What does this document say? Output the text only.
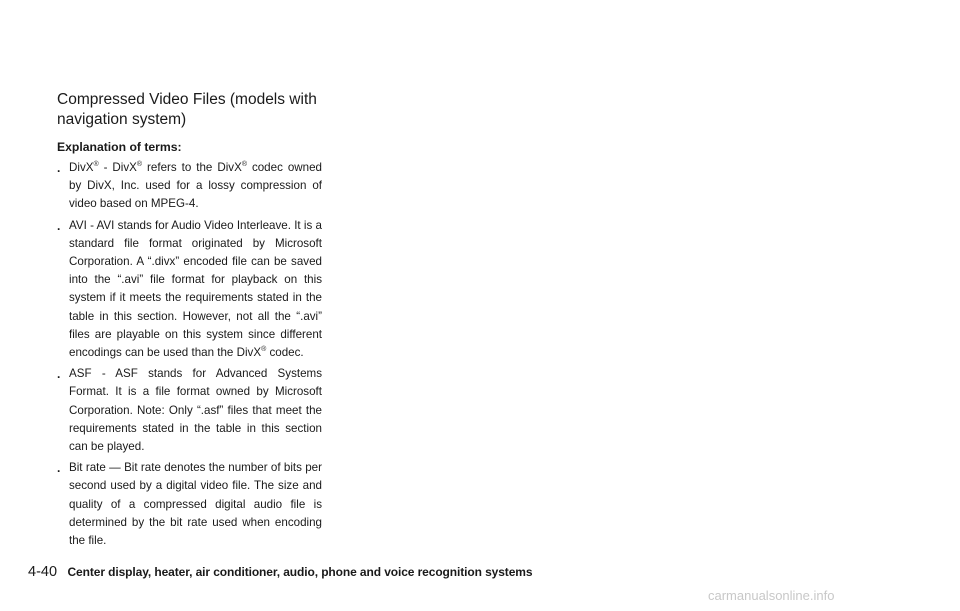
Compressed Video Files (models with navigation system)
Explanation of terms:
. DivX® - DivX® refers to the DivX® codec owned by DivX, Inc. used for a lossy compression of video based on MPEG-4.
. AVI - AVI stands for Audio Video Interleave. It is a standard file format originated by Microsoft Corporation. A “.divx” encoded file can be saved into the “.avi” file format for playback on this system if it meets the requirements stated in the table in this section. However, not all the “.avi” files are playable on this system since different encodings can be used than the DivX® codec.
. ASF - ASF stands for Advanced Systems Format. It is a file format owned by Microsoft Corporation. Note: Only “.asf” files that meet the requirements stated in the table in this section can be played.
. Bit rate — Bit rate denotes the number of bits per second used by a digital video file. The size and quality of a compressed digital audio file is determined by the bit rate used when encoding the file.
4-40 Center display, heater, air conditioner, audio, phone and voice recognition systems
carmanualsonline.info
